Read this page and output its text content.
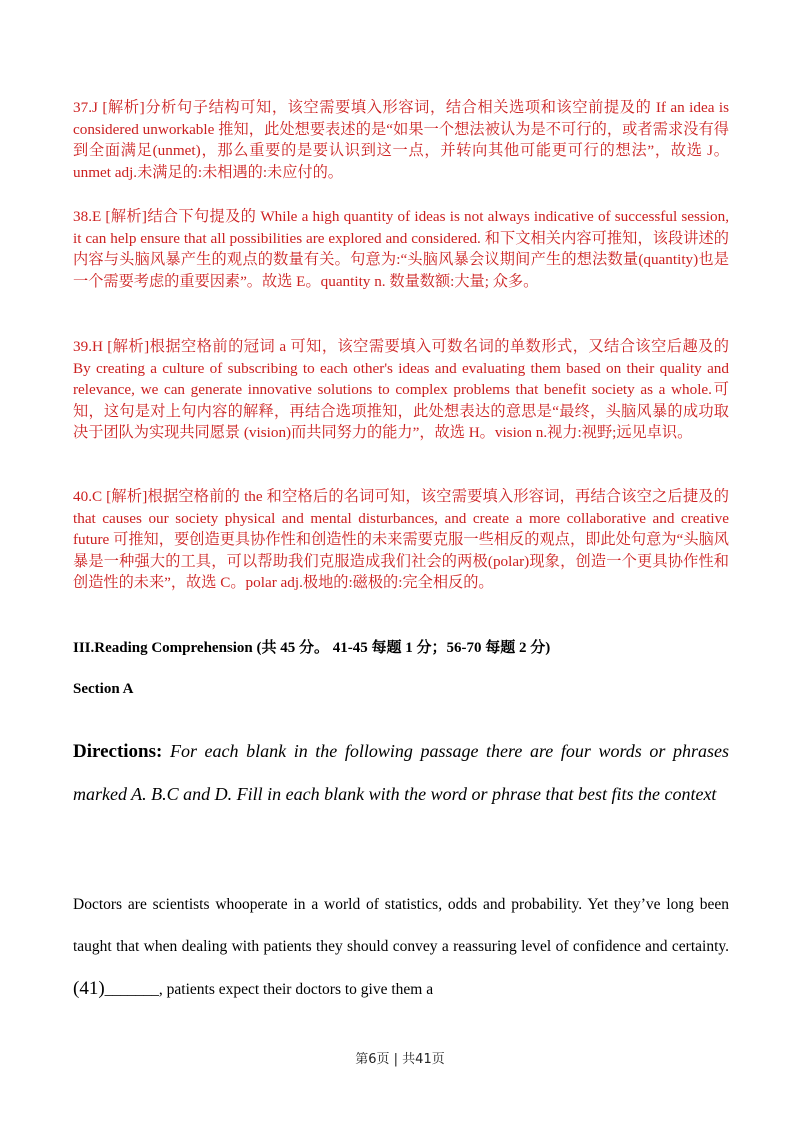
37.J [解析]分析句子结构可知，该空需要填入形容词，结合相关选项和该空前提及的 If an idea is considered unworkable 推知，此处想要表述的是“如果一个想法被认为是不可行的，或者需求没有得到全面满足(unmet)，那么重要的是要认识到这一点，并转向其他可能更可行的想法”，故选 J。unmet adj.未满足的:未相遇的:未应付的。

38.E [解析]结合下句提及的 While a high quantity of ideas is not always indicative of successful session, it can help ensure that all possibilities are explored and considered. 和下文相关内容可推知，该段讲述的内容与头脑风暴产生的观点的数量有关。句意为:“头脑风暴会议期间产生的想法数量(quantity)也是一个需要考虑的重要因素”。故选 E。quantity n. 数量数额:大量; 众多。

39.H [解析]根据空格前的冠词 a 可知，该空需要填入可数名词的单数形式，又结合该空后趣及的 By creating a culture of subscribing to each other's ideas and evaluating them based on their quality and relevance, we can generate innovative solutions to complex problems that benefit society as a whole.可知，这句是对上句内容的解释，再结合选项推知，此处想表达的意思是“最终，头脑风暴的成功取决于团队为实现共同愿景 (vision)而共同努力的能力”，故选 H。vision n.视力:视野;远见卓识。

40.C [解析]根据空格前的 the 和空格后的名词可知，该空需要填入形容词，再结合该空之后捷及的 that causes our society physical and mental disturbances, and create a more collaborative and creative future 可推知，要创造更具协作性和创造性的未来需要克服一些相反的观点，即此处句意为“头脑风暴是一种强大的工具，可以帮助我们克服造成我们社会的两极(polar)现象，创造一个更具协作性和创造性的未来”，故选 C。polar adj.极地的:磁极的:完全相反的。

III.Reading Comprehension (共 45 分。 41-45 每题 1 分；56-70 每题 2 分)

Section A

Directions: For each blank in the following passage there are four words or phrases marked A. B.C and D. Fill in each blank with the word or phrase that best fits the context

Doctors are scientists whooperate in a world of statistics, odds and probability. Yet they’ve long been taught that when dealing with patients they should convey a reassuring level of confidence and certainty. (41)_______, patients expect their doctors to give them a

第6页 | 共41页
